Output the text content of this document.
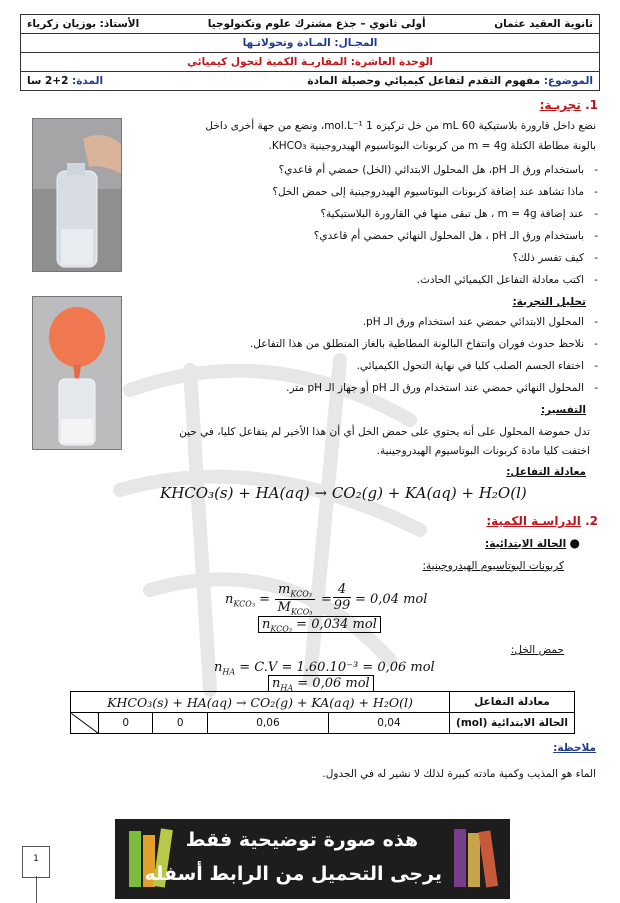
ثانوية العقيد عثمان
أولى ثانوي – جذع مشترك علوم وتكنولوجيا
الأستاذ: بوزيان زكرياء

المجـال: المـادة وتحولاتـها
الوحدة العاشرة: المقاربـة الكمية لتحول كيميائي

الموضوع: مفهوم التقدم لتفاعل كيميائي وحصيلة المادة
المدة: 2+2 سا
1. تجربـة:
نضع داخل قارورة بلاستيكية 60 mL من خل تركيزه 1 mol.L⁻¹، ونضع من جهة أخرى داخل
بالونة مطاطة الكتلة m = 4g من كربونات البوتاسيوم الهيدروجينية KHCO₃.
- باستخدام ورق الـ pH، هل المحلول الابتدائي (الخل) حمضي أم قاعدي؟
- ماذا تشاهد عند إضافة كربونات البوتاسيوم الهيدروجينية إلى حمض الخل؟
- عند إضافة m = 4g ، هل تبقى منها في القارورة البلاستيكية؟
- باستخدام ورق الـ pH ، هل المحلول النهائي حمضي أم قاعدي؟
- كيف تفسر ذلك؟
- اكتب معادلة التفاعل الكيميائي الحادث.
تحليل التجربة:
- المحلول الابتدائي حمضي عند استخدام ورق الـ pH.
- نلاحظ حدوث فوران وانتفاخ البالونة المطاطية بالغاز المنطلق من هذا التفاعل.
- اختفاء الجسم الصلب كليا في نهاية التحول الكيميائي.
- المحلول النهائي حمضي عند استخدام ورق الـ pH أو جهاز الـ pH متر.
التفسير:
تدل حموضة المحلول على أنه يحتوي على حمض الخل أي أن هذا الأخير لم يتفاعل كليا، في حين
اختفت كليا مادة كربونات البوتاسيوم الهيدروجينية.
معادلة التفاعل:
KHCO₃(s) + HA(aq) → CO₂(g) + KA(aq) + H₂O(l)
2. الدراسـة الكمية:
● الحالة الابتدائية:
كربونات البوتاسيوم الهيدروجينية:
$n_{KCO_3}$ =
$m_{KCO_3}$
$M_{KCO_3}$
=
4
99 = 0,04 mol
$n_{KCO_3} = 0,034$ mol
حمض الخل:
$n_{HA} = C.V = 1.60.10^{-3} = 0,06$ mol
$n_{HA} = 0,06$ mol
معادلة التفاعل	KHCO₃(s) + HA(aq) → CO₂(g) + KA(aq) + H₂O(l)				
الحالة الابتدائية (mol)	0,04	0,06	0	0	
ملاحظة:
الماء هو المذيب وكمية مادته كبيرة لذلك لا نشير له في الجدول.
1
هذه صورة توضيحية فقط
يرجى التحميل من الرابط أسفله
